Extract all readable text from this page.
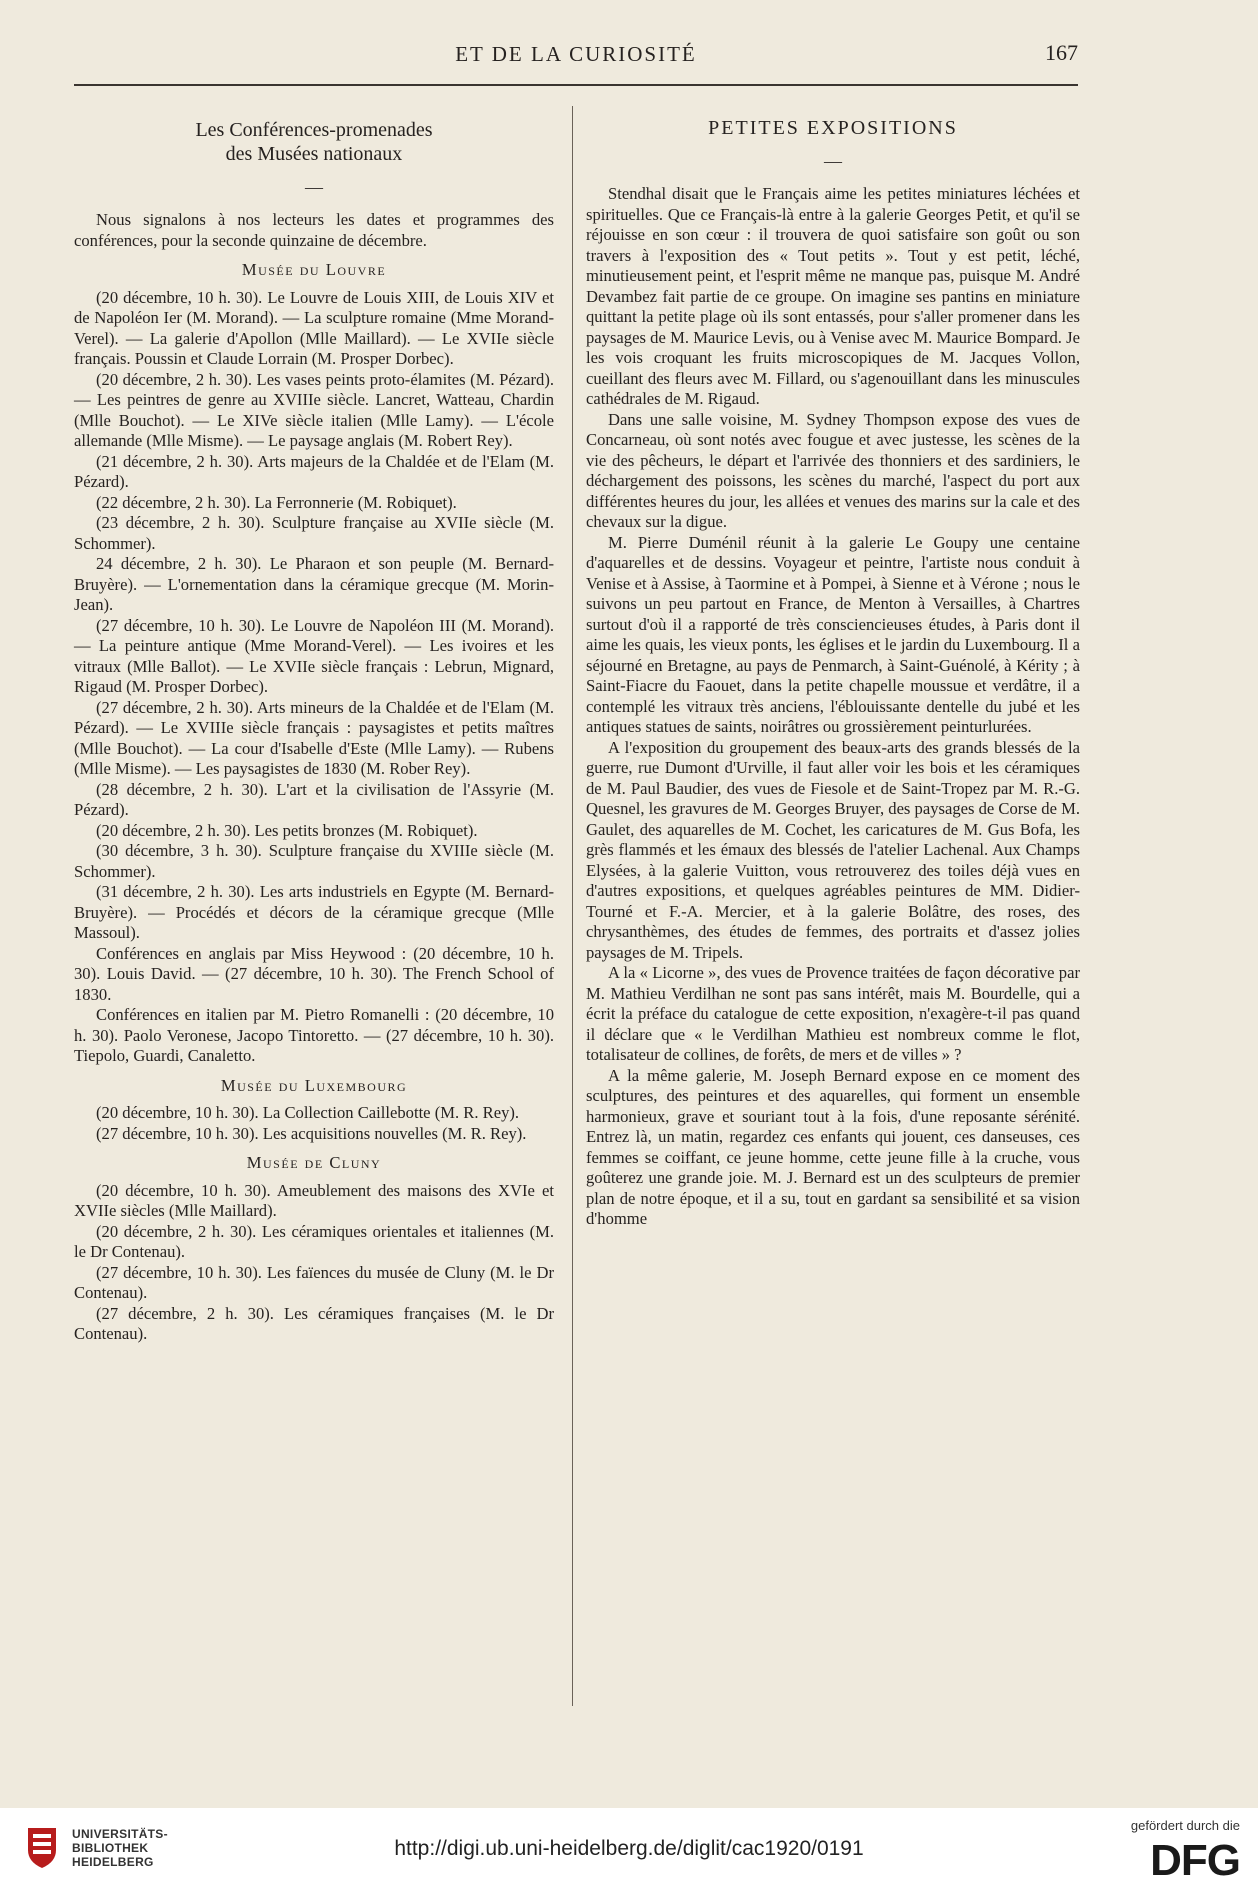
ET DE LA CURIOSITÉ	167
Les Conférences-promenades
des Musées nationaux
—

Nous signalons à nos lecteurs les dates et programmes des conférences, pour la seconde quinzaine de décembre.

Musée du Louvre

(20 décembre, 10 h. 30). Le Louvre de Louis XIII, de Louis XIV et de Napoléon Ier (M. Morand). — La sculpture romaine (Mme Morand-Verel). — La galerie d'Apollon (Mlle Maillard). — Le XVIIe siècle français. Poussin et Claude Lorrain (M. Prosper Dorbec).

(20 décembre, 2 h. 30). Les vases peints proto-élamites (M. Pézard). — Les peintres de genre au XVIIIe siècle. Lancret, Watteau, Chardin (Mlle Bouchot). — Le XIVe siècle italien (Mlle Lamy). — L'école allemande (Mlle Misme). — Le paysage anglais (M. Robert Rey).

(21 décembre, 2 h. 30). Arts majeurs de la Chaldée et de l'Elam (M. Pézard).

(22 décembre, 2 h. 30). La Ferronnerie (M. Robiquet).

(23 décembre, 2 h. 30). Sculpture française au XVIIe siècle (M. Schommer).

24 décembre, 2 h. 30). Le Pharaon et son peuple (M. Bernard-Bruyère). — L'ornementation dans la céramique grecque (M. Morin-Jean).

(27 décembre, 10 h. 30). Le Louvre de Napoléon III (M. Morand). — La peinture antique (Mme Morand-Verel). — Les ivoires et les vitraux (Mlle Ballot). — Le XVIIe siècle français : Lebrun, Mignard, Rigaud (M. Prosper Dorbec).

(27 décembre, 2 h. 30). Arts mineurs de la Chaldée et de l'Elam (M. Pézard). — Le XVIIIe siècle français : paysagistes et petits maîtres (Mlle Bouchot). — La cour d'Isabelle d'Este (Mlle Lamy). — Rubens (Mlle Misme). — Les paysagistes de 1830 (M. Rober Rey).

(28 décembre, 2 h. 30). L'art et la civilisation de l'Assyrie (M. Pézard).

(20 décembre, 2 h. 30). Les petits bronzes (M. Robiquet).

(30 décembre, 3 h. 30). Sculpture française du XVIIIe siècle (M. Schommer).

(31 décembre, 2 h. 30). Les arts industriels en Egypte (M. Bernard-Bruyère). — Procédés et décors de la céramique grecque (Mlle Massoul).

Conférences en anglais par Miss Heywood : (20 décembre, 10 h. 30). Louis David. — (27 décembre, 10 h. 30). The French School of 1830.

Conférences en italien par M. Pietro Romanelli : (20 décembre, 10 h. 30). Paolo Veronese, Jacopo Tintoretto. — (27 décembre, 10 h. 30). Tiepolo, Guardi, Canaletto.

Musée du Luxembourg

(20 décembre, 10 h. 30). La Collection Caillebotte (M. R. Rey).

(27 décembre, 10 h. 30). Les acquisitions nouvelles (M. R. Rey).

Musée de Cluny

(20 décembre, 10 h. 30). Ameublement des maisons des XVIe et XVIIe siècles (Mlle Maillard).

(20 décembre, 2 h. 30). Les céramiques orientales et italiennes (M. le Dr Contenau).

(27 décembre, 10 h. 30). Les faïences du musée de Cluny (M. le Dr Contenau).

(27 décembre, 2 h. 30). Les céramiques françaises (M. le Dr Contenau).

PETITES EXPOSITIONS
—

Stendhal disait que le Français aime les petites miniatures léchées et spirituelles. Que ce Français-là entre à la galerie Georges Petit, et qu'il se réjouisse en son cœur : il trouvera de quoi satisfaire son goût ou son travers à l'exposition des « Tout petits ». Tout y est petit, léché, minutieusement peint, et l'esprit même ne manque pas, puisque M. André Devambez fait partie de ce groupe. On imagine ses pantins en miniature quittant la petite plage où ils sont entassés, pour s'aller promener dans les paysages de M. Maurice Levis, ou à Venise avec M. Maurice Bompard. Je les vois croquant les fruits microscopiques de M. Jacques Vollon, cueillant des fleurs avec M. Fillard, ou s'agenouillant dans les minuscules cathédrales de M. Rigaud.

Dans une salle voisine, M. Sydney Thompson expose des vues de Concarneau, où sont notés avec fougue et avec justesse, les scènes de la vie des pêcheurs, le départ et l'arrivée des thonniers et des sardiniers, le déchargement des poissons, les scènes du marché, l'aspect du port aux différentes heures du jour, les allées et venues des marins sur la cale et des chevaux sur la digue.

M. Pierre Duménil réunit à la galerie Le Goupy une centaine d'aquarelles et de dessins. Voyageur et peintre, l'artiste nous conduit à Venise et à Assise, à Taormine et à Pompei, à Sienne et à Vérone ; nous le suivons un peu partout en France, de Menton à Versailles, à Chartres surtout d'où il a rapporté de très consciencieuses études, à Paris dont il aime les quais, les vieux ponts, les églises et le jardin du Luxembourg. Il a séjourné en Bretagne, au pays de Penmarch, à Saint-Guénolé, à Kérity ; à Saint-Fiacre du Faouet, dans la petite chapelle moussue et verdâtre, il a contemplé les vitraux très anciens, l'éblouissante dentelle du jubé et les antiques statues de saints, noirâtres ou grossièrement peinturlurées.

A l'exposition du groupement des beaux-arts des grands blessés de la guerre, rue Dumont d'Urville, il faut aller voir les bois et les céramiques de M. Paul Baudier, des vues de Fiesole et de Saint-Tropez par M. R.-G. Quesnel, les gravures de M. Georges Bruyer, des paysages de Corse de M. Gaulet, des aquarelles de M. Cochet, les caricatures de M. Gus Bofa, les grès flammés et les émaux des blessés de l'atelier Lachenal. Aux Champs Elysées, à la galerie Vuitton, vous retrouverez des toiles déjà vues en d'autres expositions, et quelques agréables peintures de MM. Didier-Tourné et F.-A. Mercier, et à la galerie Bolâtre, des roses, des chrysanthèmes, des études de femmes, des portraits et d'assez jolies paysages de M. Tripels.

A la « Licorne », des vues de Provence traitées de façon décorative par M. Mathieu Verdilhan ne sont pas sans intérêt, mais M. Bourdelle, qui a écrit la préface du catalogue de cette exposition, n'exagère-t-il pas quand il déclare que « le Verdilhan Mathieu est nombreux comme le flot, totalisateur de collines, de forêts, de mers et de villes » ?

A la même galerie, M. Joseph Bernard expose en ce moment des sculptures, des peintures et des aquarelles, qui forment un ensemble harmonieux, grave et souriant tout à la fois, d'une reposante sérénité. Entrez là, un matin, regardez ces enfants qui jouent, ces danseuses, ces femmes se coiffant, ce jeune homme, cette jeune fille à la cruche, vous goûterez une grande joie. M. J. Bernard est un des sculpteurs de premier plan de notre époque, et il a su, tout en gardant sa sensibilité et sa vision d'homme

UNIVERSITÄTS-
BIBLIOTHEK
HEIDELBERG
http://digi.ub.uni-heidelberg.de/diglit/cac1920/0191
gefördert durch die
DFG
